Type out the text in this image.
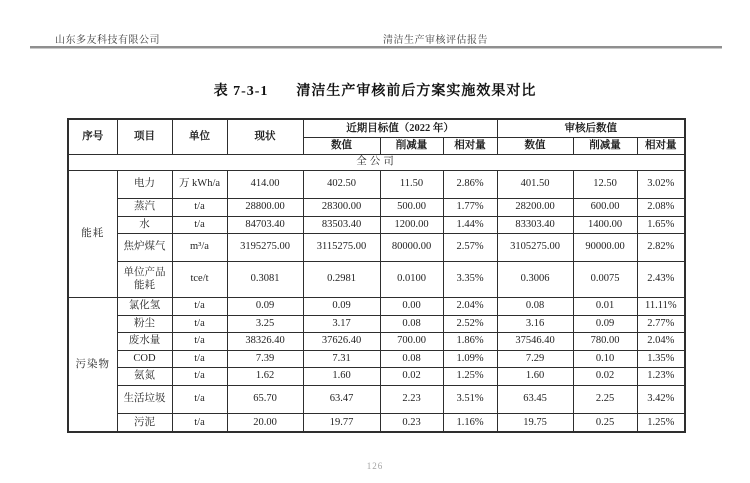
山东多友科技有限公司	清洁生产审核评估报告
表 7-3-1 清洁生产审核前后方案实施效果对比
序号	项目	单位	现状	近期目标值（2022 年）			审核后数值		
				数值	削减量	相对量	数值	削减量	相对量
全公司									
能耗	电力	万 kWh/a	414.00	402.50	11.50	2.86%	401.50	12.50	3.02%
	蒸汽	t/a	28800.00	28300.00	500.00	1.77%	28200.00	600.00	2.08%
	水	t/a	84703.40	83503.40	1200.00	1.44%	83303.40	1400.00	1.65%
	焦炉煤气	m³/a	3195275.00	3115275.00	80000.00	2.57%	3105275.00	90000.00	2.82%
	单位产品能耗	tce/t	0.3081	0.2981	0.0100	3.35%	0.3006	0.0075	2.43%
污染物	氯化氢	t/a	0.09	0.09	0.00	2.04%	0.08	0.01	11.11%
	粉尘	t/a	3.25	3.17	0.08	2.52%	3.16	0.09	2.77%
	废水量	t/a	38326.40	37626.40	700.00	1.86%	37546.40	780.00	2.04%
	COD	t/a	7.39	7.31	0.08	1.09%	7.29	0.10	1.35%
	氨氮	t/a	1.62	1.60	0.02	1.25%	1.60	0.02	1.23%
	生活垃圾	t/a	65.70	63.47	2.23	3.51%	63.45	2.25	3.42%
	污泥	t/a	20.00	19.77	0.23	1.16%	19.75	0.25	1.25%
126
